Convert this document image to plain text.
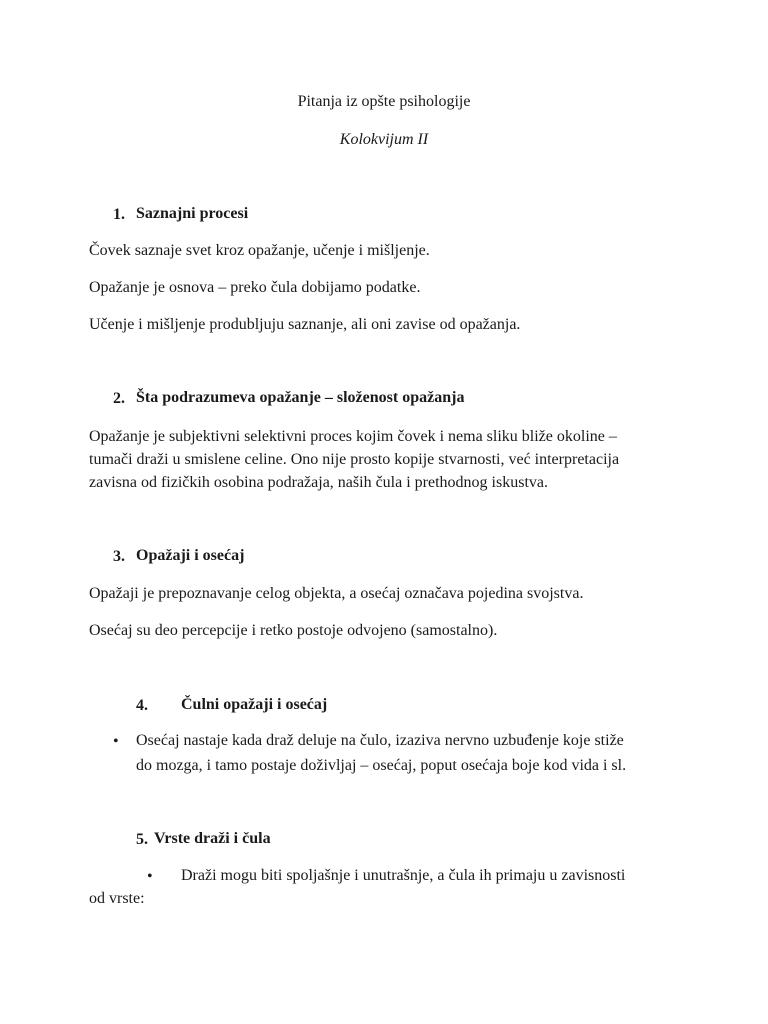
Pitanja iz opšte psihologije
Kolokvijum II
1. Saznajni procesi
Čovek saznaje svet kroz opažanje, učenje i mišljenje.
Opažanje je osnova – preko čula dobijamo podatke.
Učenje i mišljenje produbljuju saznanje, ali oni zavise od opažanja.
2. Šta podrazumeva opažanje – složenost opažanja
Opažanje je subjektivni selektivni proces kojim čovek i nema sliku bliže okoline –
tumači draži u smislene celine. Ono nije prosto kopije stvarnosti, već interpretacija
zavisna od fizičkih osobina podražaja, naših čula i prethodnog iskustva.
3. Opažaji i osećaj
Opažaji je prepoznavanje celog objekta, a osećaj označava pojedina svojstva.
Osećaj su deo percepcije i retko postoje odvojeno (samostalno).
4. Čulni opažaji i osećaj
• Osećaj nastaje kada draž deluje na čulo, izaziva nervno uzbuđenje koje stiže
do mozga, i tamo postaje doživljaj – osećaj, poput osećaja boje kod vida i sl.
5. Vrste draži i čula
• Draži mogu biti spoljašnje i unutrašnje, a čula ih primaju u zavisnosti
od vrste:
